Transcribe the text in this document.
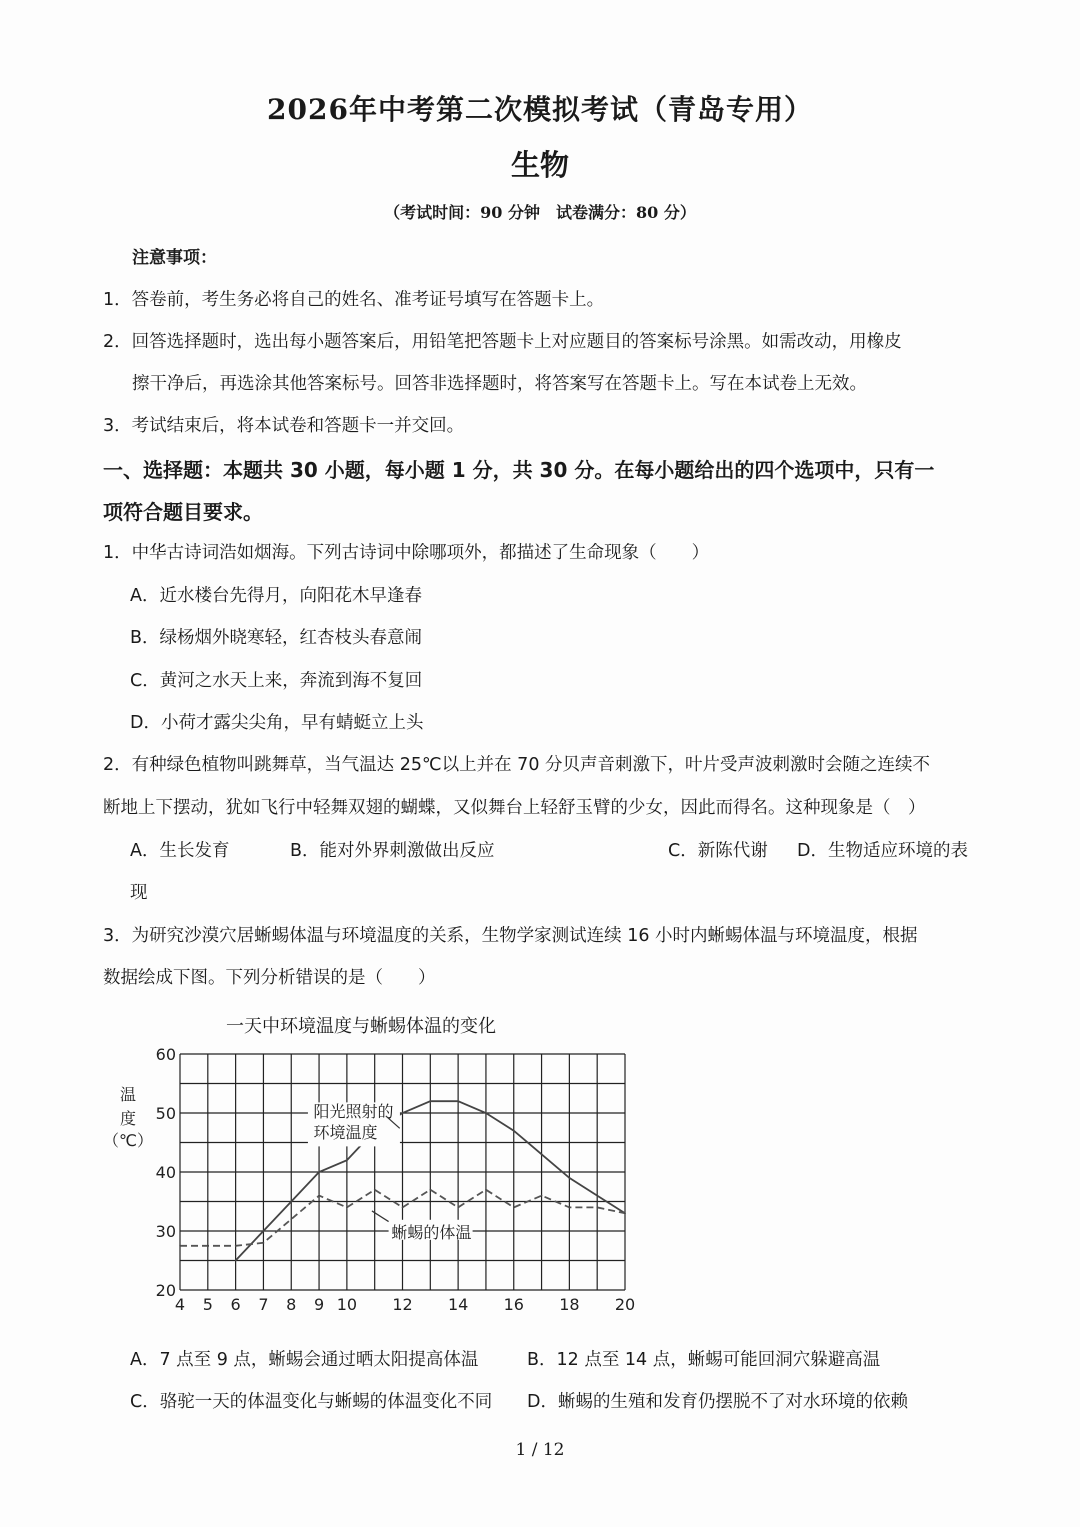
2026年中考第二次模拟考试（青岛专用）
生物
（考试时间：90 分钟　试卷满分：80 分）
注意事项：
1．答卷前，考生务必将自己的姓名、准考证号填写在答题卡上。
2．回答选择题时，选出每小题答案后，用铅笔把答题卡上对应题目的答案标号涂黑。如需改动，用橡皮
擦干净后，再选涂其他答案标号。回答非选择题时，将答案写在答题卡上。写在本试卷上无效。
3．考试结束后，将本试卷和答题卡一并交回。
一、选择题：本题共 30 小题，每小题 1 分，共 30 分。在每小题给出的四个选项中，只有一
项符合题目要求。
1．中华古诗词浩如烟海。下列古诗词中除哪项外，都描述了生命现象（　　）
A．近水楼台先得月，向阳花木早逢春
B．绿杨烟外晓寒轻，红杏枝头春意闹
C．黄河之水天上来，奔流到海不复回
D．小荷才露尖尖角，早有蜻蜓立上头
2．有种绿色植物叫跳舞草，当气温达 25℃以上并在 70 分贝声音刺激下，叶片受声波刺激时会随之连续不
断地上下摆动，犹如飞行中轻舞双翅的蝴蝶，又似舞台上轻舒玉臂的少女，因此而得名。这种现象是（　）
A．生长发育	B．能对外界刺激做出反应	C．新陈代谢 D．生物适应环境的表
现
3．为研究沙漠穴居蜥蜴体温与环境温度的关系，生物学家测试连续 16 小时内蜥蜴体温与环境温度，根据
数据绘成下图。下列分析错误的是（　　）
一天中环境温度与蜥蜴体温的变化
20
30
40
50
60
4 5 6 7 8 9 10 12 14 16 18 20
温
度
（℃）
阳光照射的
环境温度
蜥蜴的体温
A．7 点至 9 点，蜥蜴会通过晒太阳提高体温	B．12 点至 14 点，蜥蜴可能回洞穴躲避高温
C．骆驼一天的体温变化与蜥蜴的体温变化不同 D．蜥蜴的生殖和发育仍摆脱不了对水环境的依赖
1 / 12
